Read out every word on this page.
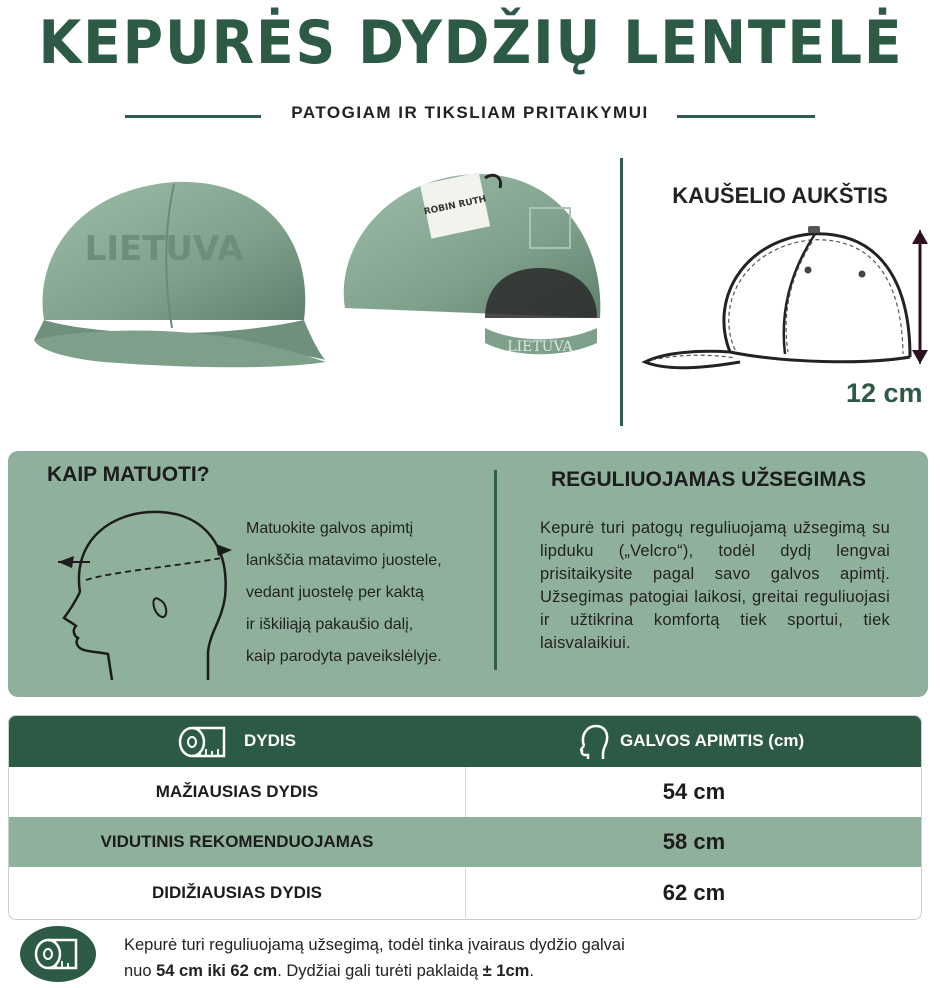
KEPURĖS DYDŽIŲ LENTELĖ
PATOGIAM IR TIKSLIAM PRITAIKYMUI
LIETUVA
LIETUVA
ROBIN RUTH	KAUŠELIO AUKŠTIS
12 cm
KAIP MATUOTI?
Matuokite galvos apimtį
lankščia matavimo juostele,
vedant juostelę per kaktą
ir iškiliąją pakaušio dalį,
kaip parodyta paveikslėlyje.
REGULIUOJAMAS UŽSEGIMAS
Kepurė turi patogų reguliuojamą užsegimą su lipduku („Velcro“), todėl dydį lengvai prisitaikysite pagal savo galvos apimtį. Užsegimas patogiai laikosi, greitai reguliuojasi ir užtikrina komfortą tiek sportui, tiek laisvalaikiui.
DYDIS	GALVOS APIMTIS (cm)
MAŽIAUSIAS DYDIS	54 cm
VIDUTINIS REKOMENDUOJAMAS	58 cm
DIDIŽIAUSIAS DYDIS	62 cm
Kepurė turi reguliuojamą užsegimą, todėl tinka įvairaus dydžio galvai
nuo 54 cm iki 62 cm. Dydžiai gali turėti paklaidą ± 1cm.
